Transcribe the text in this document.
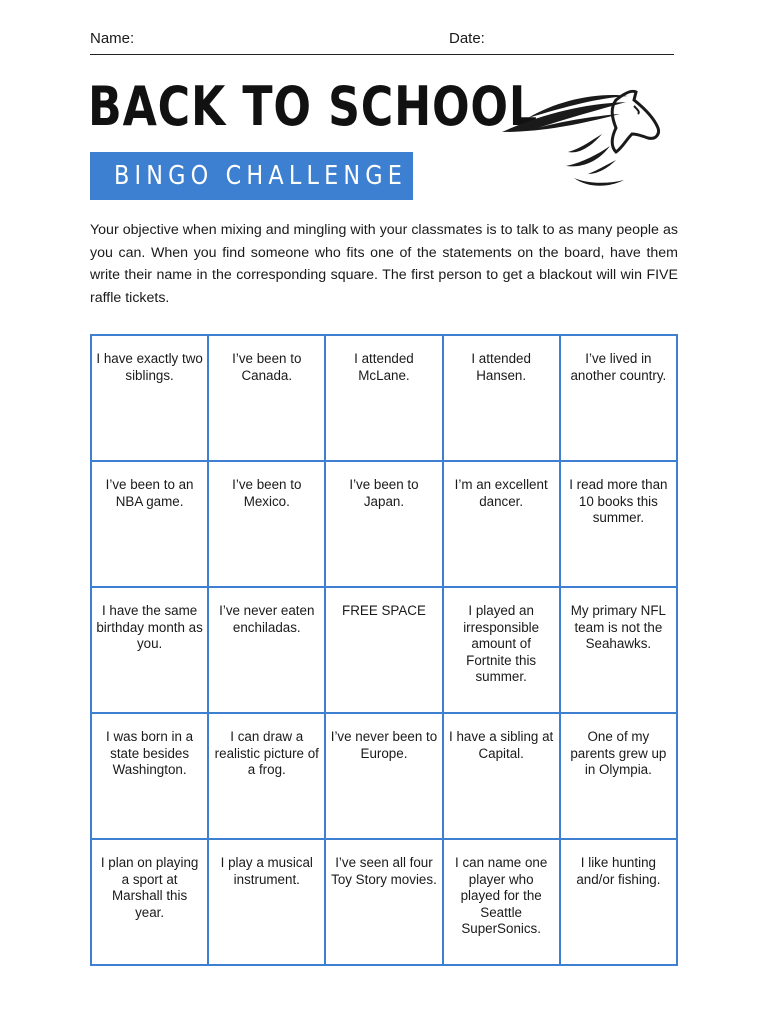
Name:	Date:
BACK TO SCHOOL
BINGO CHALLENGE

Your objective when mixing and mingling with your classmates is to talk to as many people as you can. When you find someone who fits one of the statements on the board, have them write their name in the corresponding square. The first person to get a blackout will win FIVE raffle tickets.

I have exactly two siblings.	I’ve been to Canada.	I attended McLane.	I attended Hansen.	I’ve lived in another country.
I’ve been to an NBA game.	I’ve been to Mexico.	I’ve been to Japan.	I’m an excellent dancer.	I read more than 10 books this summer.
I have the same birthday month as you.	I’ve never eaten enchiladas.	FREE SPACE	I played an irresponsible amount of Fortnite this summer.	My primary NFL team is not the Seahawks.
I was born in a state besides Washington.	I can draw a realistic picture of a frog.	I’ve never been to Europe.	I have a sibling at Capital.	One of my parents grew up in Olympia.
I plan on playing a sport at Marshall this year.	I play a musical instrument.	I’ve seen all four Toy Story movies.	I can name one player who played for the Seattle SuperSonics.	I like hunting and/or fishing.
